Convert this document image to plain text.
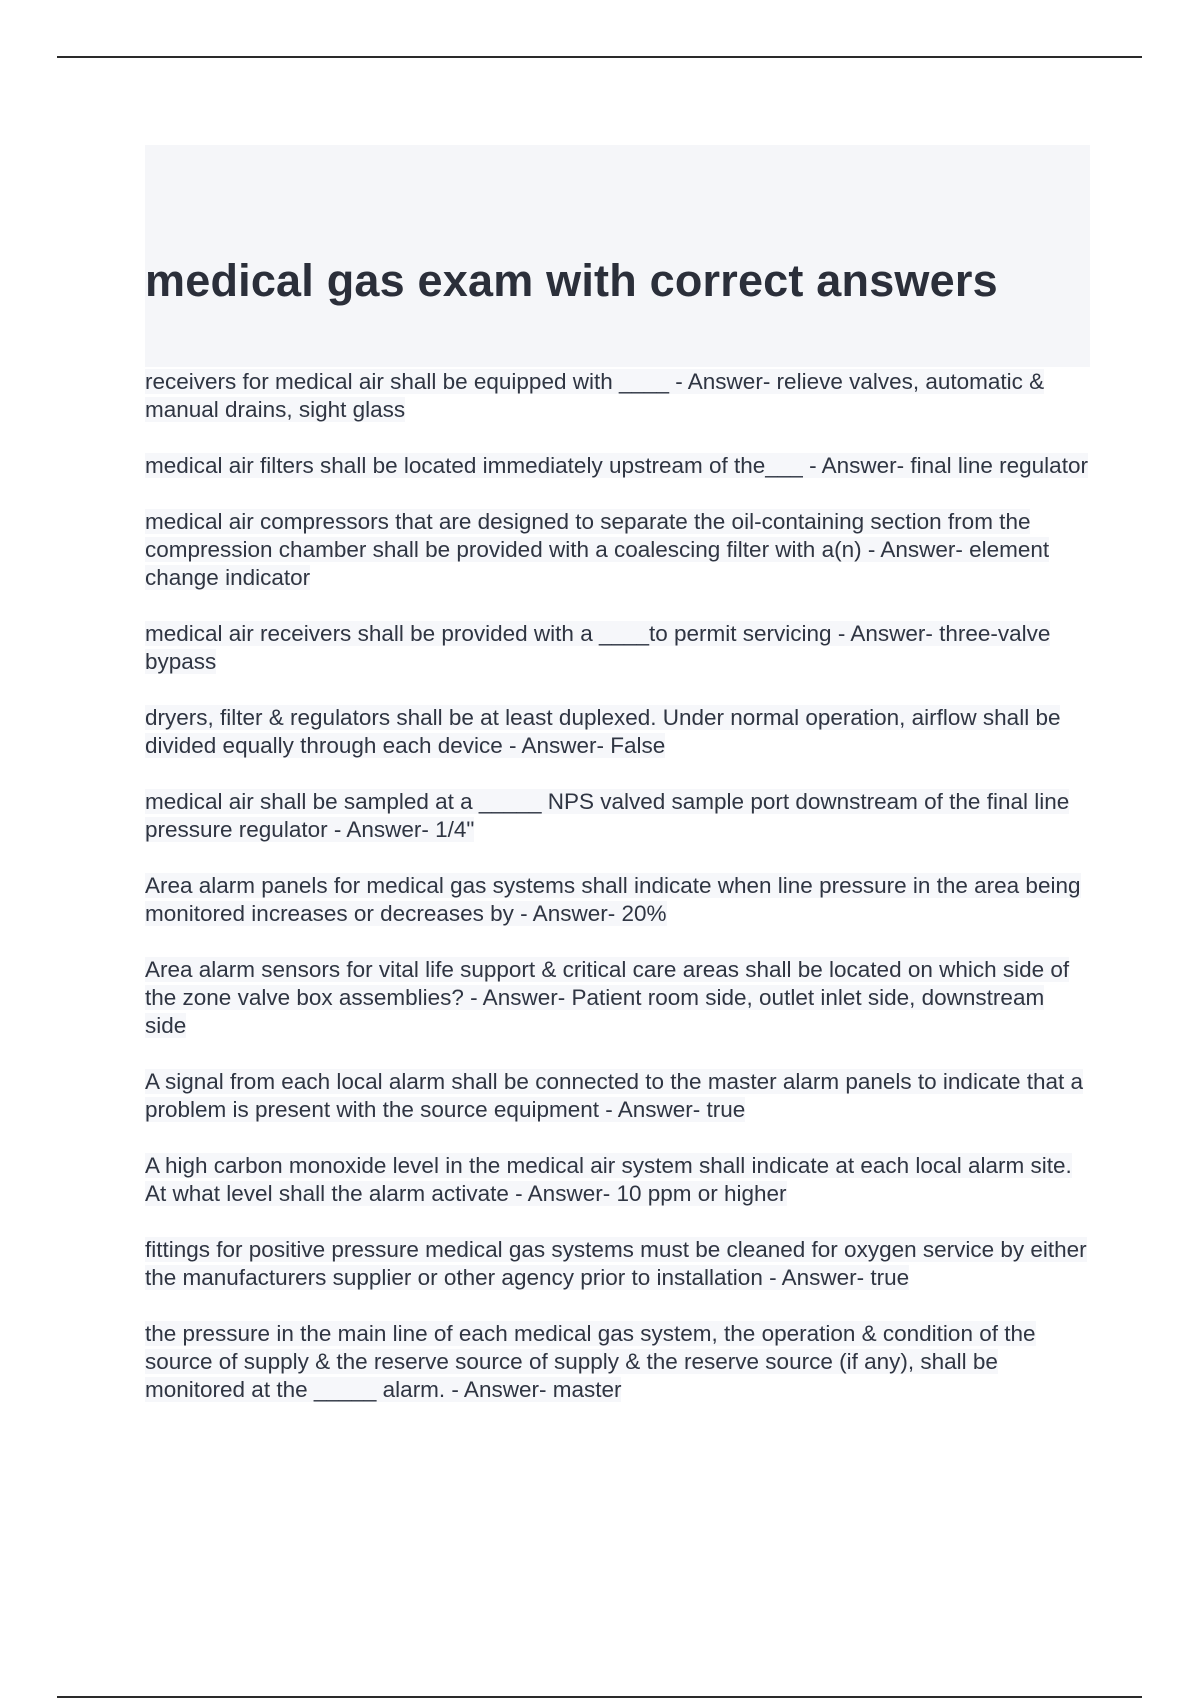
medical gas exam with correct answers
receivers for medical air shall be equipped with ____ - Answer- relieve valves, automatic & manual drains, sight glass
medical air filters shall be located immediately upstream of the___ - Answer- final line regulator
medical air compressors that are designed to separate the oil-containing section from the compression chamber shall be provided with a coalescing filter with a(n) - Answer- element change indicator
medical air receivers shall be provided with a ____to permit servicing - Answer- three-valve bypass
dryers, filter & regulators shall be at least duplexed. Under normal operation, airflow shall be divided equally through each device - Answer- False
medical air shall be sampled at a _____ NPS valved sample port downstream of the final line pressure regulator - Answer- 1/4"
Area alarm panels for medical gas systems shall indicate when line pressure in the area being monitored increases or decreases by - Answer- 20%
Area alarm sensors for vital life support & critical care areas shall be located on which side of the zone valve box assemblies? - Answer- Patient room side, outlet inlet side, downstream side
A signal from each local alarm shall be connected to the master alarm panels to indicate that a problem is present with the source equipment - Answer- true
A high carbon monoxide level in the medical air system shall indicate at each local alarm site. At what level shall the alarm activate - Answer- 10 ppm or higher
fittings for positive pressure medical gas systems must be cleaned for oxygen service by either the manufacturers supplier or other agency prior to installation - Answer- true
the pressure in the main line of each medical gas system, the operation & condition of the source of supply & the reserve source of supply & the reserve source (if any), shall be monitored at the _____ alarm. - Answer- master
